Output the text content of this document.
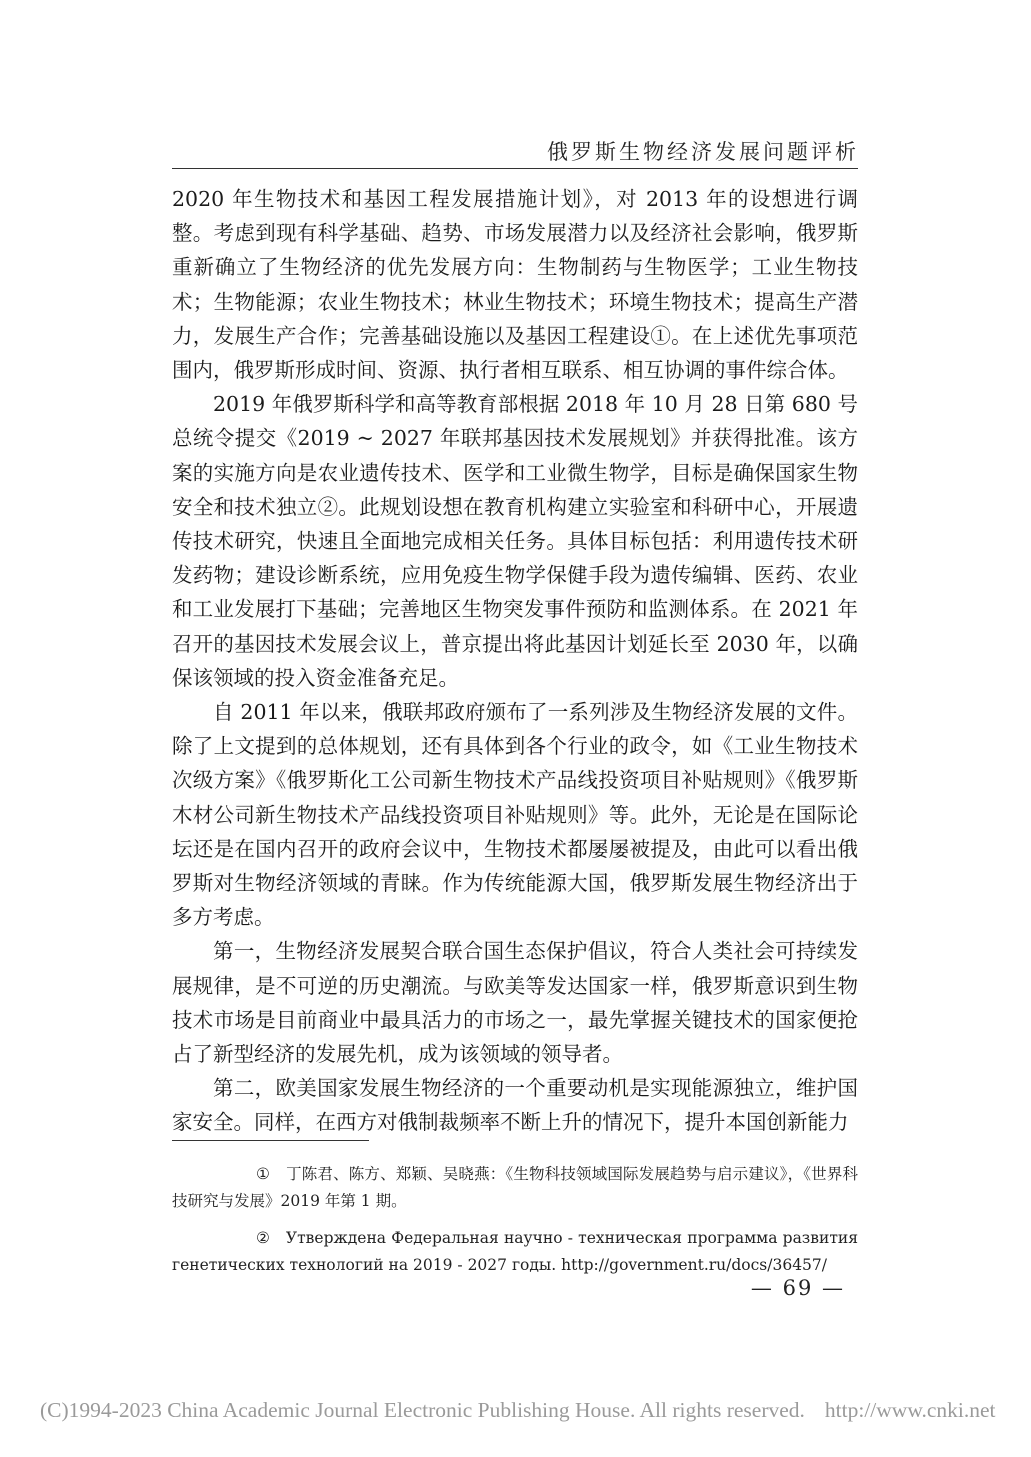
俄罗斯生物经济发展问题评析

2020 年生物技术和基因工程发展措施计划》，对 2013 年的设想进行调整。考虑到现有科学基础、趋势、市场发展潜力以及经济社会影响，俄罗斯重新确立了生物经济的优先发展方向：生物制药与生物医学；工业生物技术；生物能源；农业生物技术；林业生物技术；环境生物技术；提高生产潜力，发展生产合作；完善基础设施以及基因工程建设①。在上述优先事项范围内，俄罗斯形成时间、资源、执行者相互联系、相互协调的事件综合体。

2019 年俄罗斯科学和高等教育部根据 2018 年 10 月 28 日第 680 号总统令提交《2019 ~ 2027 年联邦基因技术发展规划》并获得批准。该方案的实施方向是农业遗传技术、医学和工业微生物学，目标是确保国家生物安全和技术独立②。此规划设想在教育机构建立实验室和科研中心，开展遗传技术研究，快速且全面地完成相关任务。具体目标包括：利用遗传技术研发药物；建设诊断系统，应用免疫生物学保健手段为遗传编辑、医药、农业和工业发展打下基础；完善地区生物突发事件预防和监测体系。在 2021 年召开的基因技术发展会议上，普京提出将此基因计划延长至 2030 年，以确保该领域的投入资金准备充足。

自 2011 年以来，俄联邦政府颁布了一系列涉及生物经济发展的文件。除了上文提到的总体规划，还有具体到各个行业的政令，如《工业生物技术次级方案》《俄罗斯化工公司新生物技术产品线投资项目补贴规则》《俄罗斯木材公司新生物技术产品线投资项目补贴规则》等。此外，无论是在国际论坛还是在国内召开的政府会议中，生物技术都屡屡被提及，由此可以看出俄罗斯对生物经济领域的青睐。作为传统能源大国，俄罗斯发展生物经济出于多方考虑。

第一，生物经济发展契合联合国生态保护倡议，符合人类社会可持续发展规律，是不可逆的历史潮流。与欧美等发达国家一样，俄罗斯意识到生物技术市场是目前商业中最具活力的市场之一，最先掌握关键技术的国家便抢占了新型经济的发展先机，成为该领域的领导者。

第二，欧美国家发展生物经济的一个重要动机是实现能源独立，维护国家安全。同样，在西方对俄制裁频率不断上升的情况下，提升本国创新能力

① 丁陈君、陈方、郑颖、吴晓燕：《生物科技领域国际发展趋势与启示建议》，《世界科技研究与发展》2019 年第 1 期。

② Утверждена Федеральная научно - техническая программа развития генетических технологий на 2019 - 2027 годы. http://government.ru/docs/36457/

— 69 —
(C)1994-2023 China Academic Journal Electronic Publishing House. All rights reserved. http://www.cnki.net
